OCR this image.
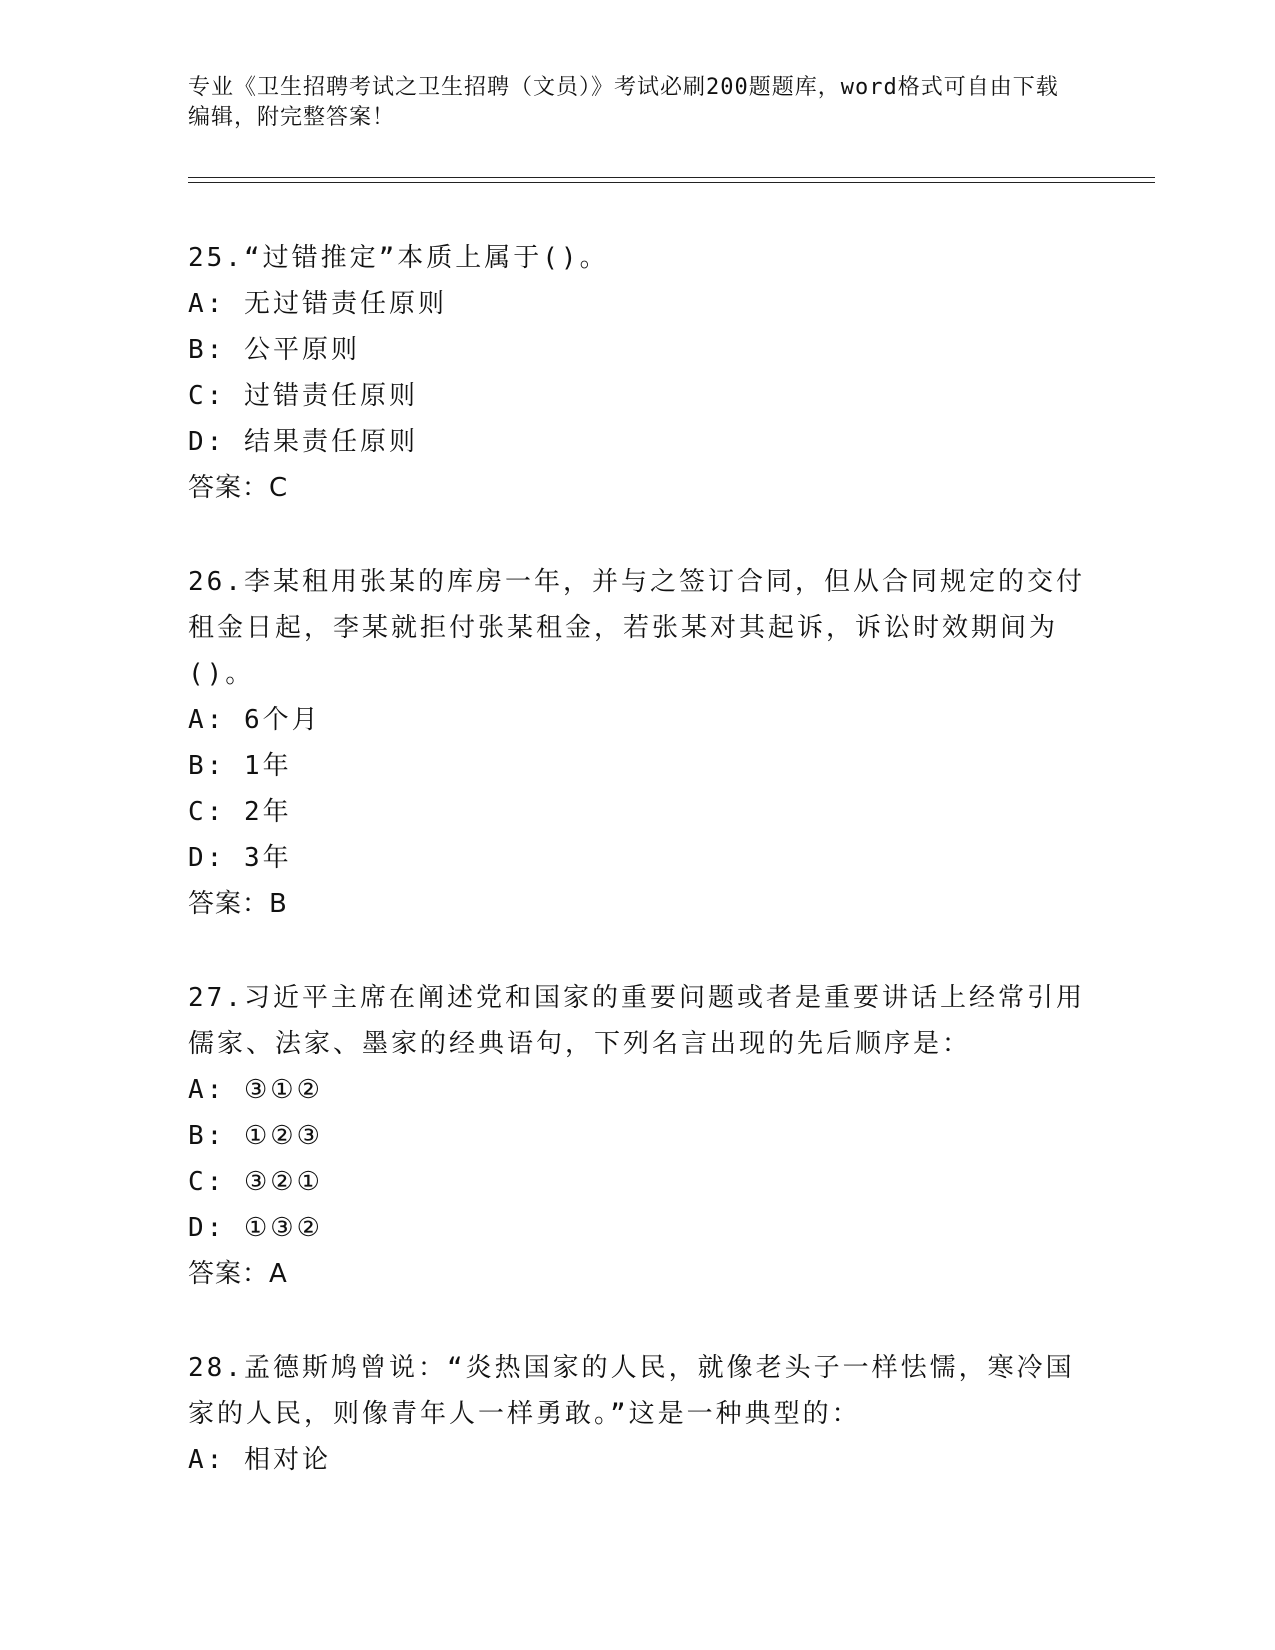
专业《卫生招聘考试之卫生招聘（文员）》考试必刷200题题库，word格式可自由下载编辑，附完整答案！

25.“过错推定”本质上属于()。

A : 无过错责任原则
B : 公平原则
C : 过错责任原则
D : 结果责任原则

答案：C

26.李某租用张某的库房一年，并与之签订合同，但从合同规定的交付租金日起，李某就拒付张某租金，若张某对其起诉，诉讼时效期间为()。

A : 6个月
B : 1年
C : 2年
D : 3年

答案：B

27.习近平主席在阐述党和国家的重要问题或者是重要讲话上经常引用儒家、法家、墨家的经典语句，下列名言出现的先后顺序是：

A : ③①②
B : ①②③
C : ③②①
D : ①③②

答案：A

28.孟德斯鸠曾说：“炎热国家的人民，就像老头子一样怯懦，寒冷国家的人民，则像青年人一样勇敢。”这是一种典型的：

A : 相对论
